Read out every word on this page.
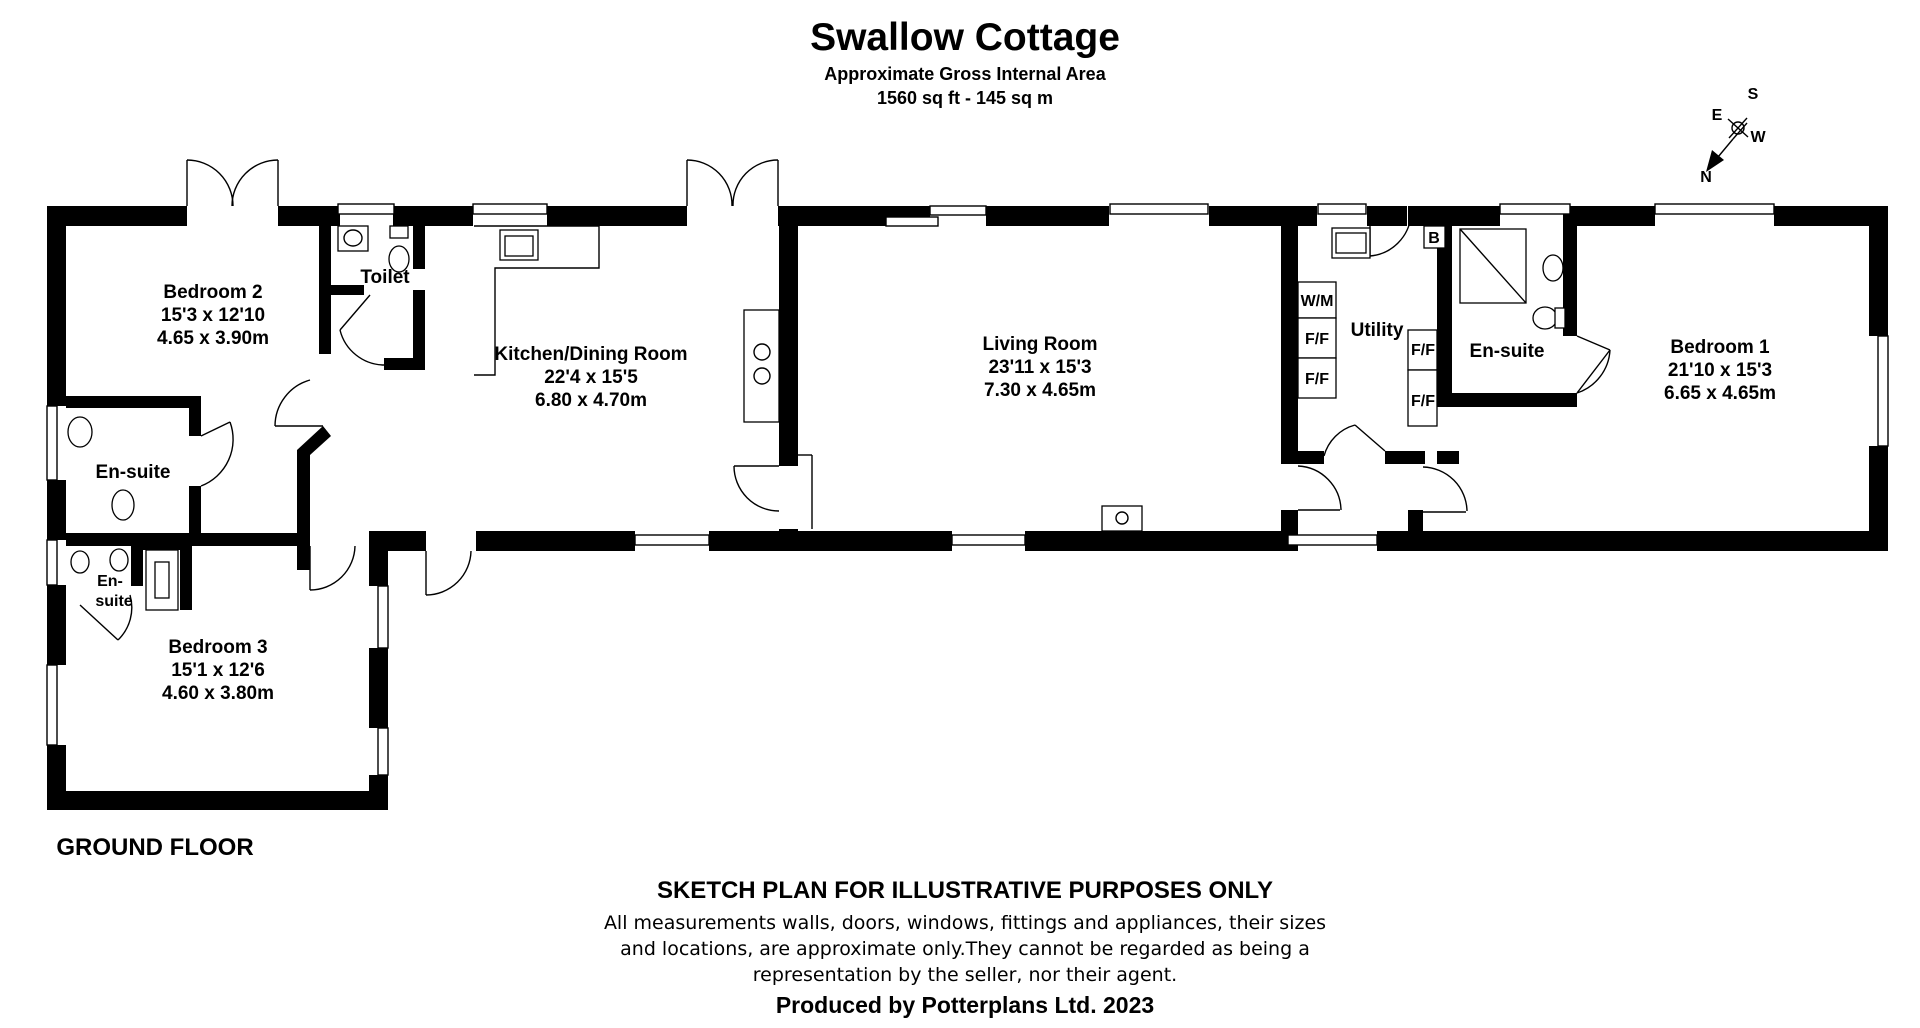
Swallow Cottage
Approximate Gross Internal Area
1560 sq ft - 145 sq m	S
E
W
N
Bedroom 2
15'3 x 12'10
4.65 x 3.90m
En-suite
En-
suite
Bedroom 3
15'1 x 12'6
4.60 x 3.80m
Toilet
Kitchen/Dining Room
22'4 x 15'5
6.80 x 4.70m
Living Room
23'11 x 15'3
7.30 x 4.65m
Utility
W/M
F/F
F/F
F/F
F/F
B
En-suite	Bedroom 1
21'10 x 15'3
6.65 x 4.65m
GROUND FLOOR
SKETCH PLAN FOR ILLUSTRATIVE PURPOSES ONLY
All measurements walls, doors, windows, fittings and appliances, their sizes
and locations, are approximate only.They cannot be regarded as being a
representation by the seller, nor their agent.
Produced by Potterplans Ltd. 2023
